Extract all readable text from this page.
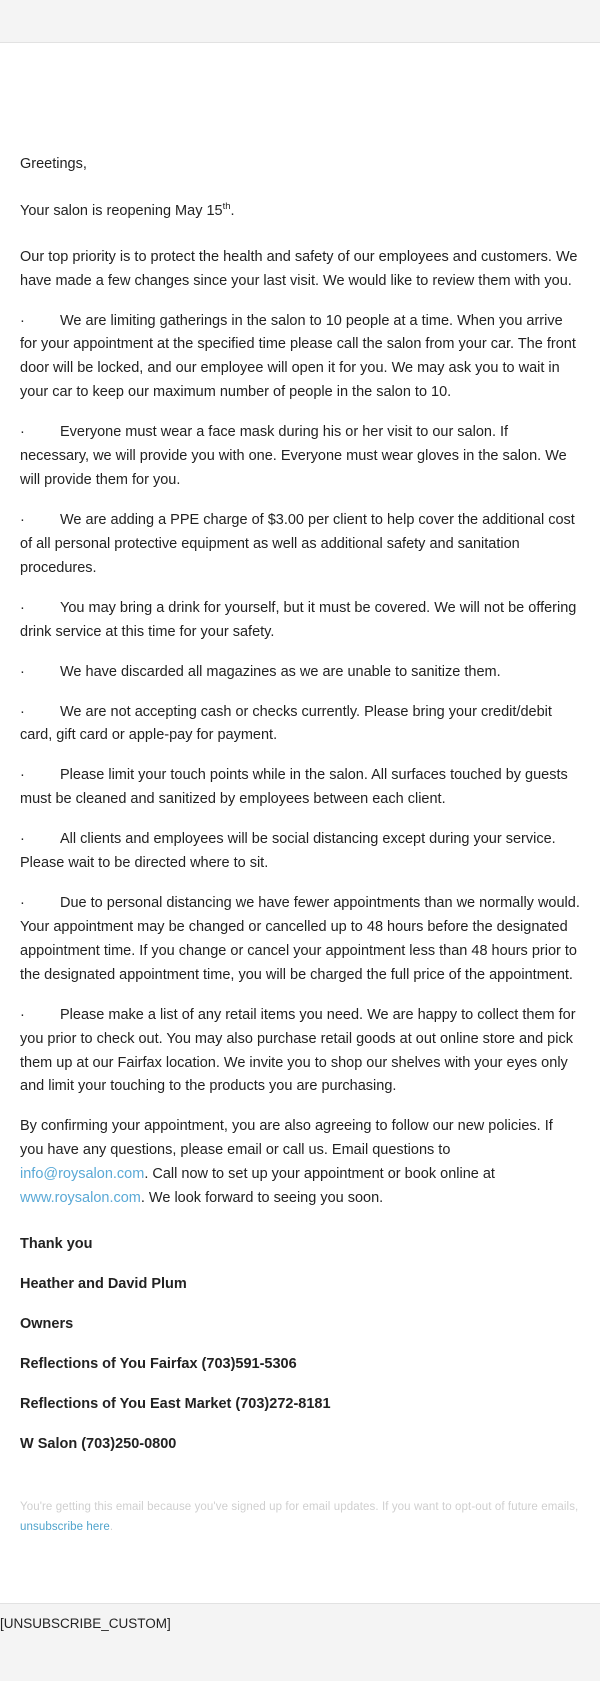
Greetings,

Your salon is reopening May 15th.

Our top priority is to protect the health and safety of our employees and customers. We have made a few changes since your last visit. We would like to review them with you.

· We are limiting gatherings in the salon to 10 people at a time. When you arrive for your appointment at the specified time please call the salon from your car. The front door will be locked, and our employee will open it for you. We may ask you to wait in your car to keep our maximum number of people in the salon to 10.

· Everyone must wear a face mask during his or her visit to our salon. If necessary, we will provide you with one. Everyone must wear gloves in the salon. We will provide them for you.

· We are adding a PPE charge of $3.00 per client to help cover the additional cost of all personal protective equipment as well as additional safety and sanitation procedures.

· You may bring a drink for yourself, but it must be covered. We will not be offering drink service at this time for your safety.

· We have discarded all magazines as we are unable to sanitize them.

· We are not accepting cash or checks currently. Please bring your credit/debit card, gift card or apple-pay for payment.

· Please limit your touch points while in the salon. All surfaces touched by guests must be cleaned and sanitized by employees between each client.

· All clients and employees will be social distancing except during your service. Please wait to be directed where to sit.

· Due to personal distancing we have fewer appointments than we normally would. Your appointment may be changed or cancelled up to 48 hours before the designated appointment time. If you change or cancel your appointment less than 48 hours prior to the designated appointment time, you will be charged the full price of the appointment.

· Please make a list of any retail items you need. We are happy to collect them for you prior to check out. You may also purchase retail goods at out online store and pick them up at our Fairfax location. We invite you to shop our shelves with your eyes only and limit your touching to the products you are purchasing.

By confirming your appointment, you are also agreeing to follow our new policies. If you have any questions, please email or call us. Email questions to info@roysalon.com. Call now to set up your appointment or book online at www.roysalon.com. We look forward to seeing you soon.

Thank you

Heather and David Plum

Owners

Reflections of You Fairfax (703)591-5306

Reflections of You East Market (703)272-8181

W Salon (703)250-0800

You're getting this email because you've signed up for email updates. If you want to opt-out of future emails, unsubscribe here.

[UNSUBSCRIBE_CUSTOM]
